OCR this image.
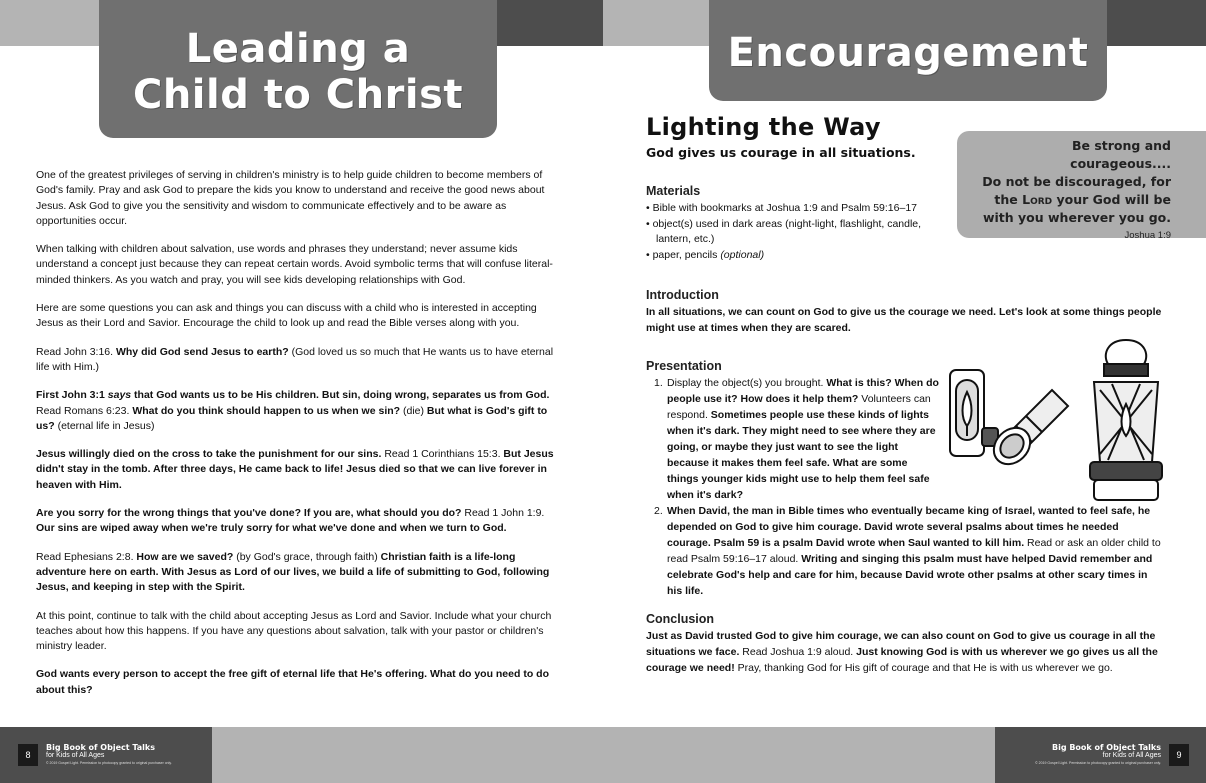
Leading a
Child to Christ
Encouragement

One of the greatest privileges of serving in children's ministry is to help guide children to become members of God's family. Pray and ask God to prepare the kids you know to understand and receive the good news about Jesus. Ask God to give you the sensitivity and wisdom to communicate effectively and to be aware as opportunities occur.

When talking with children about salvation, use words and phrases they understand; never assume kids understand a concept just because they can repeat certain words. Avoid symbolic terms that will confuse literal-minded thinkers. As you watch and pray, you will see kids developing relationships with God.

Here are some questions you can ask and things you can discuss with a child who is interested in accepting Jesus as their Lord and Savior. Encourage the child to look up and read the Bible verses along with you.

Read John 3:16. Why did God send Jesus to earth? (God loved us so much that He wants us to have eternal life with Him.)

First John 3:1 says that God wants us to be His children. But sin, doing wrong, separates us from God. Read Romans 6:23. What do you think should happen to us when we sin? (die) But what is God's gift to us? (eternal life in Jesus)

Jesus willingly died on the cross to take the punishment for our sins. Read 1 Corinthians 15:3. But Jesus didn't stay in the tomb. After three days, He came back to life! Jesus died so that we can live forever in heaven with Him.

Are you sorry for the wrong things that you've done? If you are, what should you do? Read 1 John 1:9. Our sins are wiped away when we're truly sorry for what we've done and when we turn to God.

Read Ephesians 2:8. How are we saved? (by God's grace, through faith) Christian faith is a life-long adventure here on earth. With Jesus as Lord of our lives, we build a life of submitting to God, following Jesus, and keeping in step with the Spirit.

At this point, continue to talk with the child about accepting Jesus as Lord and Savior. Include what your church teaches about how this happens. If you have any questions about salvation, talk with your pastor or children's ministry leader.

God wants every person to accept the free gift of eternal life that He's offering. What do you need to do about this?

Lighting the Way
God gives us courage in all situations.	Be strong and courageous....
Do not be discouraged, for
the Lord your God will be
with you wherever you go.
Joshua 1:9
Materials
• Bible with bookmarks at Joshua 1:9 and Psalm 59:16–17
• object(s) used in dark areas (night-light, flashlight, candle, lantern, etc.)
• paper, pencils (optional)
Introduction
In all situations, we can count on God to give us the courage we need. Let's look at some things people might use at times when they are scared.
Presentation
1. Display the object(s) you brought. What is this? When do people use it? How does it help them? Volunteers can respond. Sometimes people use these kinds of lights when it's dark. They might need to see where they are going, or maybe they just want to see the light because it makes them feel safe. What are some things younger kids might use to help them feel safe when it's dark?
2. When David, the man in Bible times who eventually became king of Israel, wanted to feel safe, he depended on God to give him courage. David wrote several psalms about times he needed courage. Psalm 59 is a psalm David wrote when Saul wanted to kill him. Read or ask an older child to read Psalm 59:16–17 aloud. Writing and singing this psalm must have helped David remember and celebrate God's help and care for him, because David wrote other psalms at other scary times in his life.
Conclusion
Just as David trusted God to give him courage, we can also count on God to give us courage in all the situations we face. Read Joshua 1:9 aloud. Just knowing God is with us wherever we go gives us all the courage we need! Pray, thanking God for His gift of courage and that He is with us wherever we go.
8
Big Book of Object Talks
for Kids of All Ages
© 2019 Gospel Light. Permission to photocopy granted to original purchaser only.
Big Book of Object Talks
for Kids of All Ages
© 2019 Gospel Light. Permission to photocopy granted to original purchaser only.
9
